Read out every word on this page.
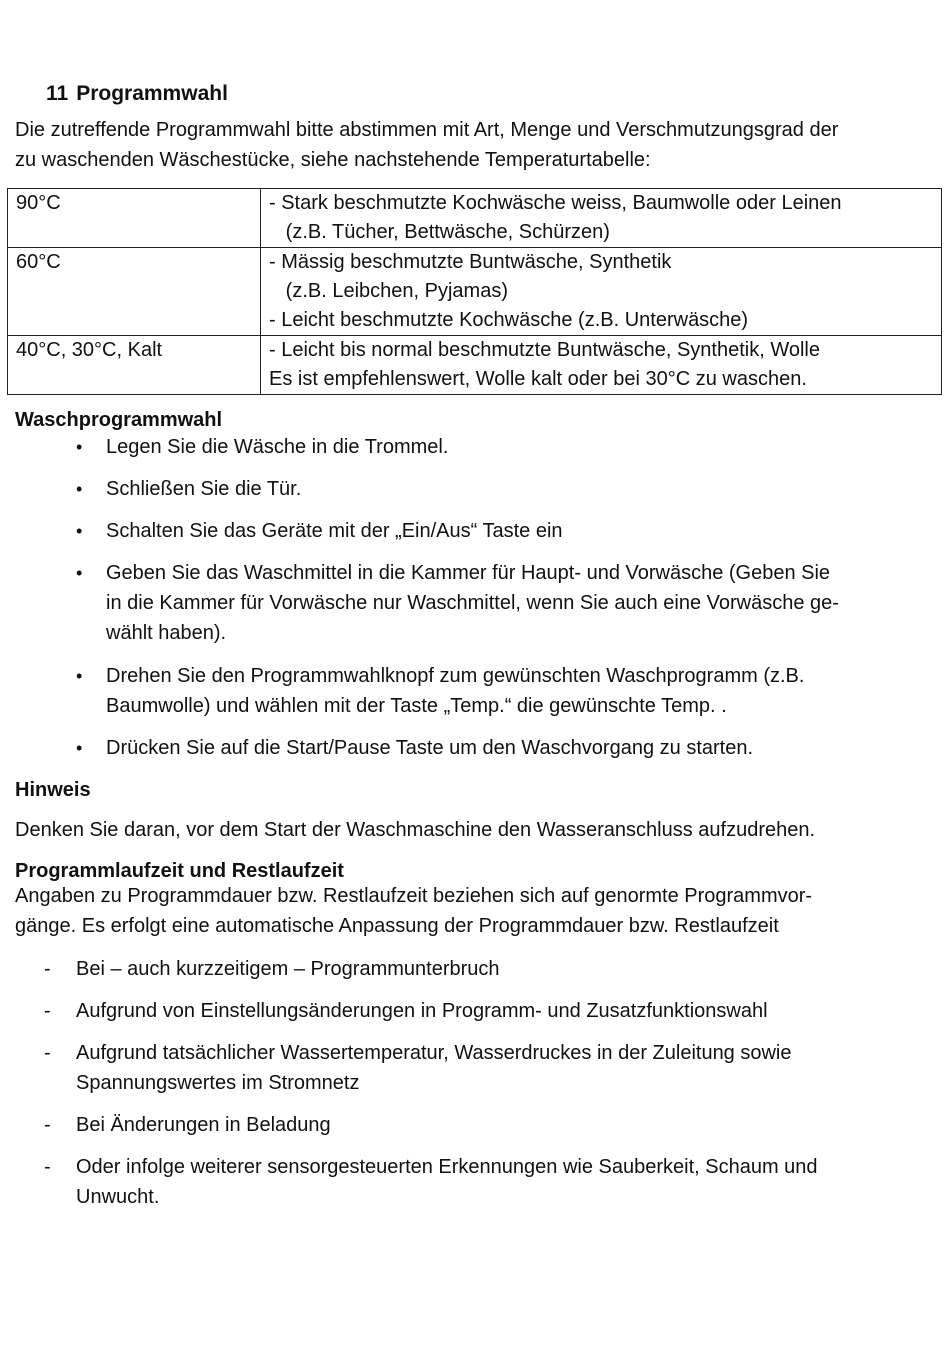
11 Programmwahl
Die zutreffende Programmwahl bitte abstimmen mit Art, Menge und Verschmutzungsgrad der
zu waschenden Wäschestücke, siehe nachstehende Temperaturtabelle:
90°C	- Stark beschmutzte Kochwäsche weiss, Baumwolle oder Leinen
(z.B. Tücher, Bettwäsche, Schürzen)

60°C	- Mässig beschmutzte Buntwäsche, Synthetik
(z.B. Leibchen, Pyjamas)
- Leicht beschmutzte Kochwäsche (z.B. Unterwäsche)

40°C, 30°C, Kalt	- Leicht bis normal beschmutzte Buntwäsche, Synthetik, Wolle
Es ist empfehlenswert, Wolle kalt oder bei 30°C zu waschen.
Waschprogrammwahl
• Legen Sie die Wäsche in die Trommel.
• Schließen Sie die Tür.
• Schalten Sie das Geräte mit der „Ein/Aus“ Taste ein
• Geben Sie das Waschmittel in die Kammer für Haupt- und Vorwäsche (Geben Sie
in die Kammer für Vorwäsche nur Waschmittel, wenn Sie auch eine Vorwäsche ge-
wählt haben).
• Drehen Sie den Programmwahlknopf zum gewünschten Waschprogramm (z.B.
Baumwolle) und wählen mit der Taste „Temp.“ die gewünschte Temp. .
• Drücken Sie auf die Start/Pause Taste um den Waschvorgang zu starten.
Hinweis
Denken Sie daran, vor dem Start der Waschmaschine den Wasseranschluss aufzudrehen.
Programmlaufzeit und Restlaufzeit
Angaben zu Programmdauer bzw. Restlaufzeit beziehen sich auf genormte Programmvor-
gänge. Es erfolgt eine automatische Anpassung der Programmdauer bzw. Restlaufzeit
- Bei – auch kurzzeitigem – Programmunterbruch
- Aufgrund von Einstellungsänderungen in Programm- und Zusatzfunktionswahl
- Aufgrund tatsächlicher Wassertemperatur, Wasserdruckes in der Zuleitung sowie
Spannungswertes im Stromnetz
- Bei Änderungen in Beladung
- Oder infolge weiterer sensorgesteuerten Erkennungen wie Sauberkeit, Schaum und
Unwucht.
